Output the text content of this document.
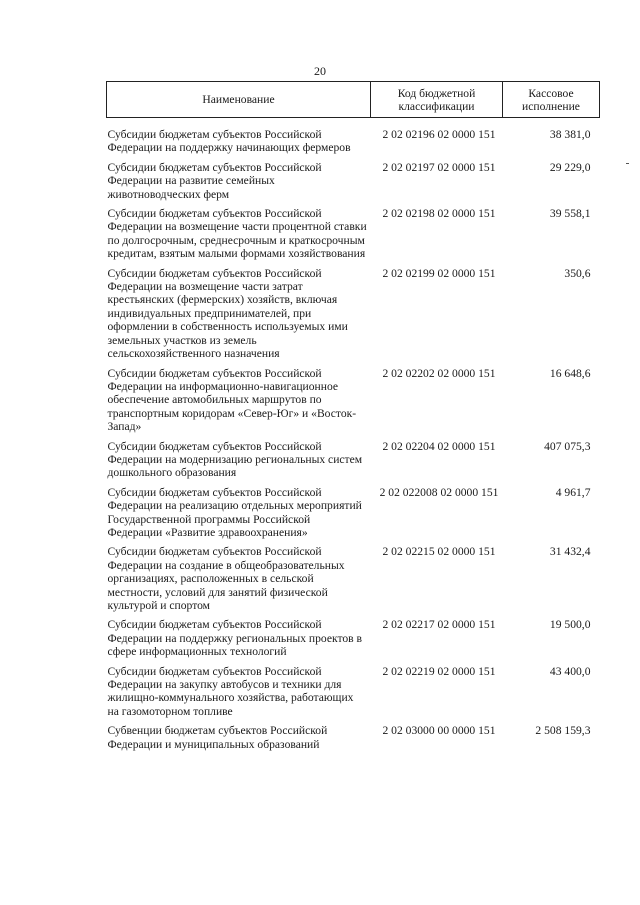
20
Наименование	Код бюджетной классификации	Кассовое исполнение
Субсидии бюджетам субъектов Российской Федерации на поддержку начинающих фермеров	2 02 02196 02 0000 151	38 381,0
Субсидии бюджетам субъектов Российской Федерации на развитие семейных животноводческих ферм	2 02 02197 02 0000 151	29 229,0
Субсидии бюджетам субъектов Российской Федерации на возмещение части процентной ставки по долгосрочным, среднесрочным и краткосрочным кредитам, взятым малыми формами хозяйствования	2 02 02198 02 0000 151	39 558,1
Субсидии бюджетам субъектов Российской Федерации на возмещение части затрат крестьянских (фермерских) хозяйств, включая индивидуальных предпринимателей, при оформлении в собственность используемых ими земельных участков из земель сельскохозяйственного назначения	2 02 02199 02 0000 151	350,6
Субсидии бюджетам субъектов Российской Федерации на информационно-навигационное обеспечение автомобильных маршрутов по транспортным коридорам «Север-Юг» и «Восток-Запад»	2 02 02202 02 0000 151	16 648,6
Субсидии бюджетам субъектов Российской Федерации на модернизацию региональных систем дошкольного образования	2 02 02204 02 0000 151	407 075,3
Субсидии бюджетам субъектов Российской Федерации на реализацию отдельных мероприятий Государственной программы Российской Федерации «Развитие здравоохранения»	2 02 022008 02 0000 151	4 961,7
Субсидии бюджетам субъектов Российской Федерации на создание в общеобразовательных организациях, расположенных в сельской местности, условий для занятий физической культурой и спортом	2 02 02215 02 0000 151	31 432,4
Субсидии бюджетам субъектов Российской Федерации на поддержку региональных проектов в сфере информационных технологий	2 02 02217 02 0000 151	19 500,0
Субсидии бюджетам субъектов Российской Федерации на закупку автобусов и техники для жилищно-коммунального хозяйства, работающих на газомоторном топливе	2 02 02219 02 0000 151	43 400,0
Субвенции бюджетам субъектов Российской Федерации и муниципальных образований	2 02 03000 00 0000 151	2 508 159,3
